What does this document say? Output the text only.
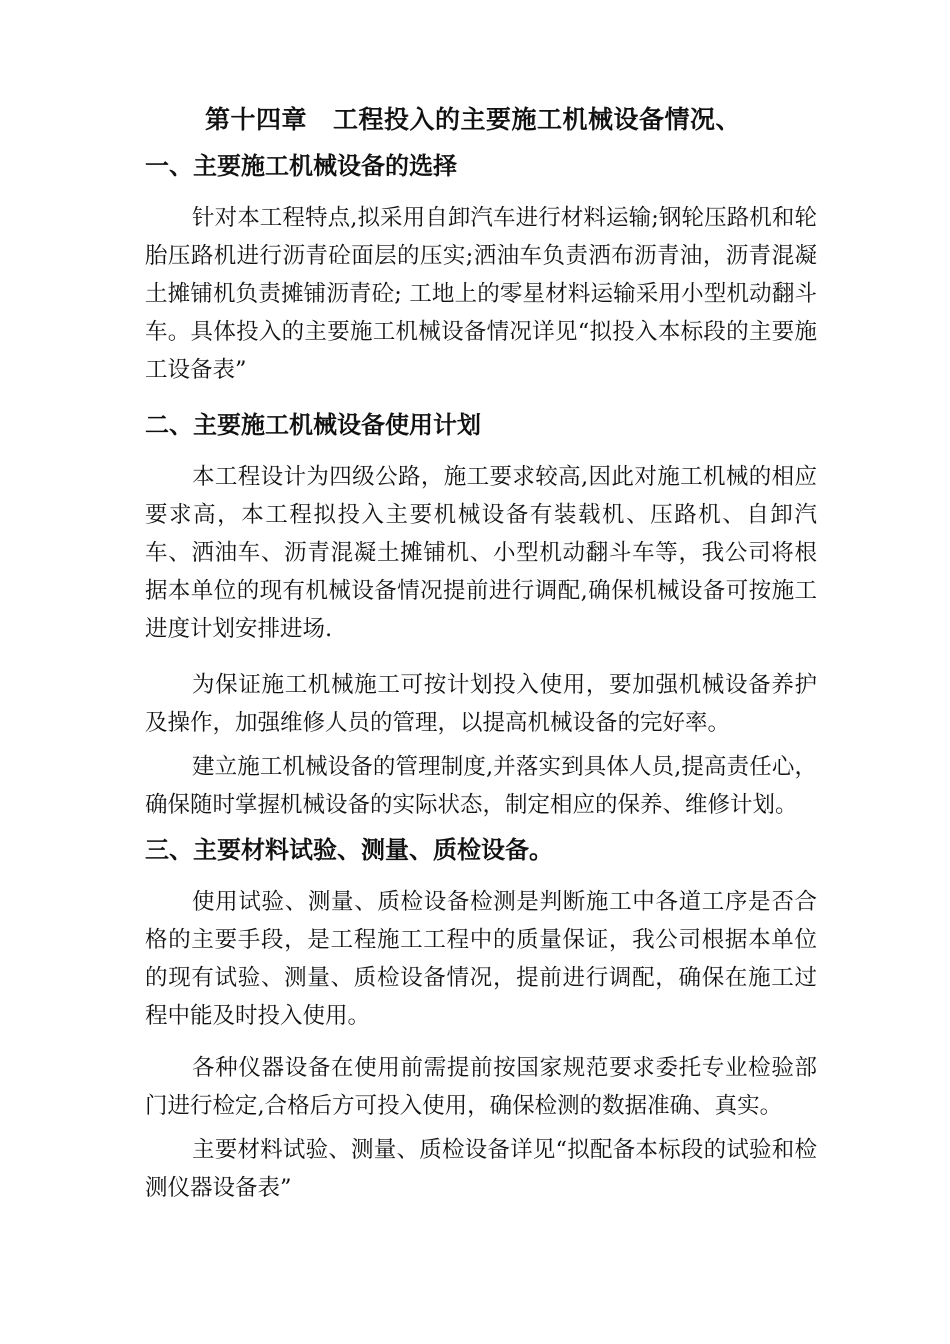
第十四章 工程投入的主要施工机械设备情况、
一、主要施工机械设备的选择

针对本工程特点,拟采用自卸汽车进行材料运输;钢轮压路机和轮胎压路机进行沥青砼面层的压实;洒油车负责洒布沥青油，沥青混凝土摊铺机负责摊铺沥青砼; 工地上的零星材料运输采用小型机动翻斗车。具体投入的主要施工机械设备情况详见“拟投入本标段的主要施工设备表”

二、主要施工机械设备使用计划

本工程设计为四级公路，施工要求较高,因此对施工机械的相应要求高，本工程拟投入主要机械设备有装载机、压路机、自卸汽车、洒油车、沥青混凝土摊铺机、小型机动翻斗车等，我公司将根据本单位的现有机械设备情况提前进行调配,确保机械设备可按施工进度计划安排进场.

为保证施工机械施工可按计划投入使用，要加强机械设备养护及操作，加强维修人员的管理，以提高机械设备的完好率。

建立施工机械设备的管理制度,并落实到具体人员,提高责任心，确保随时掌握机械设备的实际状态，制定相应的保养、维修计划。

三、主要材料试验、测量、质检设备。

使用试验、测量、质检设备检测是判断施工中各道工序是否合格的主要手段，是工程施工工程中的质量保证，我公司根据本单位的现有试验、测量、质检设备情况，提前进行调配，确保在施工过程中能及时投入使用。

各种仪器设备在使用前需提前按国家规范要求委托专业检验部门进行检定,合格后方可投入使用，确保检测的数据准确、真实。

主要材料试验、测量、质检设备详见“拟配备本标段的试验和检测仪器设备表”
